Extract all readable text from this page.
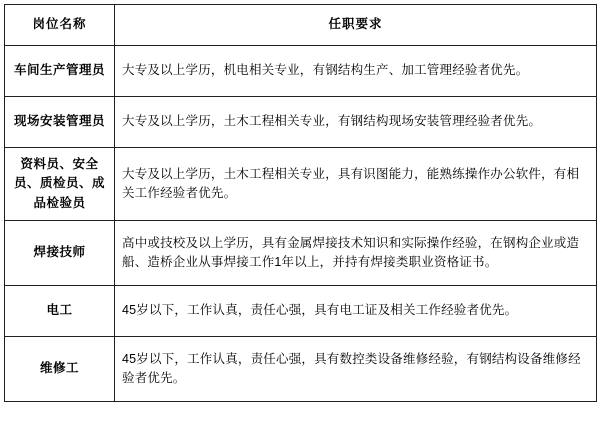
岗位名称	任职要求
车间生产管理员	大专及以上学历，机电相关专业，有钢结构生产、加工管理经验者优先。
现场安装管理员	大专及以上学历，土木工程相关专业，有钢结构现场安装管理经验者优先。
资料员、安全员、质检员、成品检验员	大专及以上学历，土木工程相关专业，具有识图能力，能熟练操作办公软件，有相关工作经验者优先。
焊接技师	高中或技校及以上学历，具有金属焊接技术知识和实际操作经验，在钢构企业或造船、造桥企业从事焊接工作1年以上，并持有焊接类职业资格证书。
电工	45岁以下，工作认真，责任心强，具有电工证及相关工作经验者优先。
维修工	45岁以下，工作认真，责任心强，具有数控类设备维修经验，有钢结构设备维修经验者优先。
